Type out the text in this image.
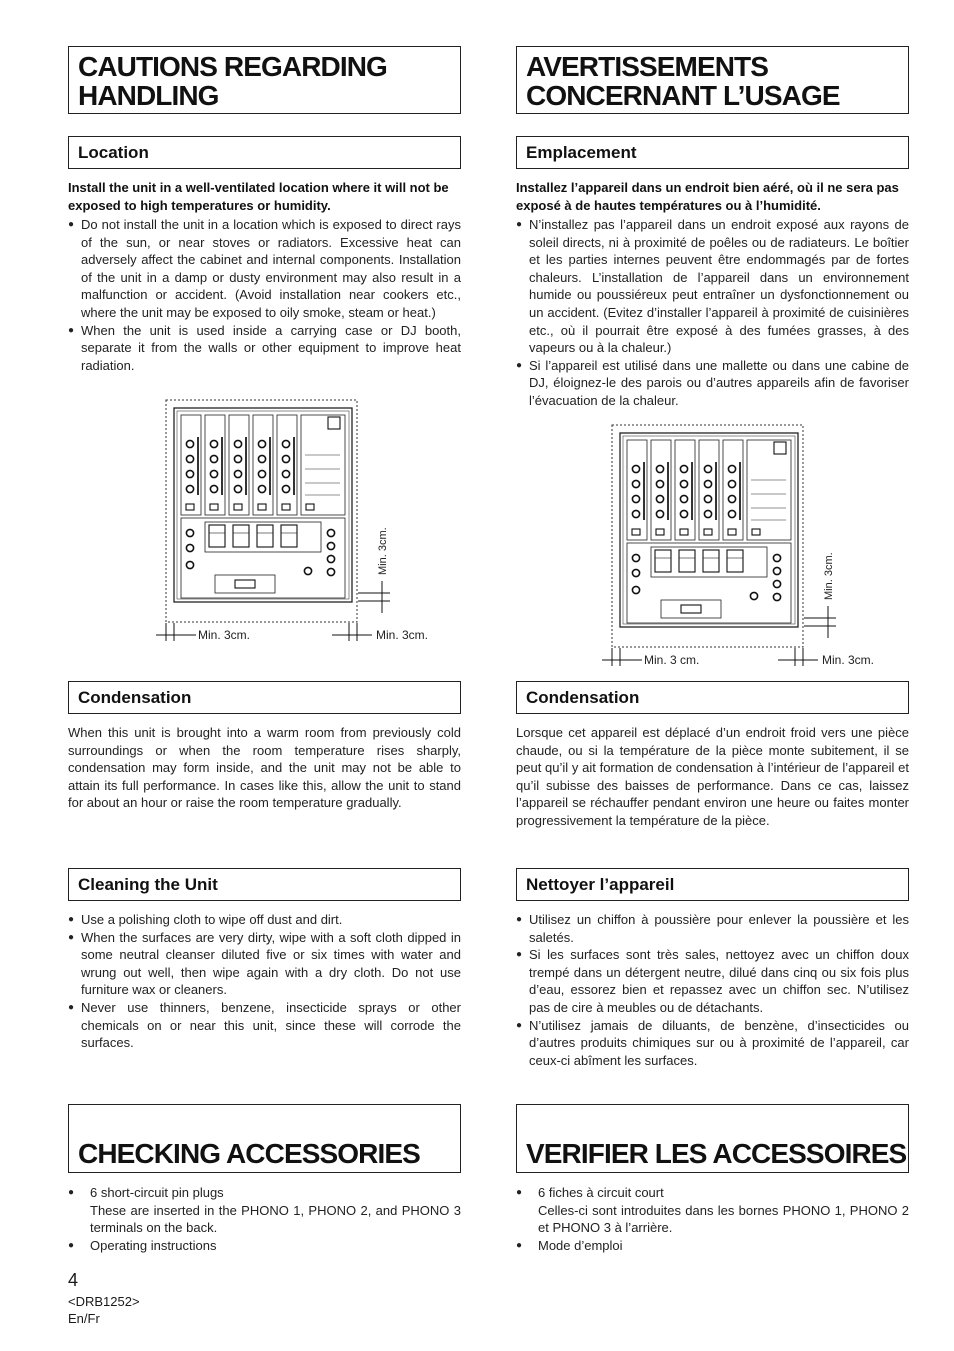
CAUTIONS REGARDING
HANDLING
Location
Install the unit in a well-ventilated location where it will not be exposed to high temperatures or humidity.
● Do not install the unit in a location which is exposed to direct rays of the sun, or near stoves or radiators. Excessive heat can adversely affect the cabinet and internal components. Installation of the unit in a damp or dusty environment may also result in a malfunction or accident. (Avoid installation near cookers etc., where the unit may be exposed to oily smoke, steam or heat.)
● When the unit is used inside a carrying case or DJ booth, separate it from the walls or other equipment to improve heat radiation.
Min. 3cm.	Min. 3cm.
Min. 3cm.
Condensation
When this unit is brought into a warm room from previously cold surroundings or when the room temperature rises sharply, condensation may form inside, and the unit may not be able to attain its full performance. In cases like this, allow the unit to stand for about an hour or raise the room temperature gradually.
Cleaning the Unit
● Use a polishing cloth to wipe off dust and dirt.
● When the surfaces are very dirty, wipe with a soft cloth dipped in some neutral cleanser diluted five or six times with water and wrung out well, then wipe again with a dry cloth. Do not use furniture wax or cleaners.
● Never use thinners, benzene, insecticide sprays or other chemicals on or near this unit, since these will corrode the surfaces.
CHECKING ACCESSORIES
● 6 short-circuit pin plugs
These are inserted in the PHONO 1, PHONO 2, and PHONO 3 terminals on the back.
● Operating instructions
AVERTISSEMENTS
CONCERNANT L’USAGE
Emplacement
Installez l’appareil dans un endroit bien aéré, où il ne sera pas exposé à de hautes températures ou à l’humidité.
● N’installez pas l’appareil dans un endroit exposé aux rayons de soleil directs, ni à proximité de poêles ou de radiateurs. Le boîtier et les parties internes peuvent être endommagés par de fortes chaleurs. L’installation de l’appareil dans un environnement humide ou poussiéreux peut entraîner un dysfonctionnement ou un accident. (Evitez d’installer l’appareil à proximité de cuisinières etc., où il pourrait être exposé à des fumées grasses, à des vapeurs ou à la chaleur.)
● Si l’appareil est utilisé dans une mallette ou dans une cabine de DJ, éloignez-le des parois ou d’autres appareils afin de favoriser l’évacuation de la chaleur.
Min. 3 cm.	Min. 3cm.
Min. 3cm.
Condensation
Lorsque cet appareil est déplacé d’un endroit froid vers une pièce chaude, ou si la température de la pièce monte subitement, il se peut qu’il y ait formation de condensation à l’intérieur de l’appareil et qu’il subisse des baisses de performance. Dans ce cas, laissez l’appareil se réchauffer pendant environ une heure ou faites monter progressivement la température de la pièce.
Nettoyer l’appareil
● Utilisez un chiffon à poussière pour enlever la poussière et les saletés.
● Si les surfaces sont très sales, nettoyez avec un chiffon doux trempé dans un détergent neutre, dilué dans cinq ou six fois plus d’eau, essorez bien et repassez avec un chiffon sec. N’utilisez pas de cire à meubles ou de détachants.
● N’utilisez jamais de diluants, de benzène, d’insecticides ou d’autres produits chimiques sur ou à proximité de l’appareil, car ceux-ci abîment les surfaces.
VERIFIER LES ACCESSOIRES
● 6 fiches à circuit court
Celles-ci sont introduites dans les bornes PHONO 1, PHONO 2 et PHONO 3 à l’arrière.
● Mode d’emploi
4
<DRB1252>
En/Fr
